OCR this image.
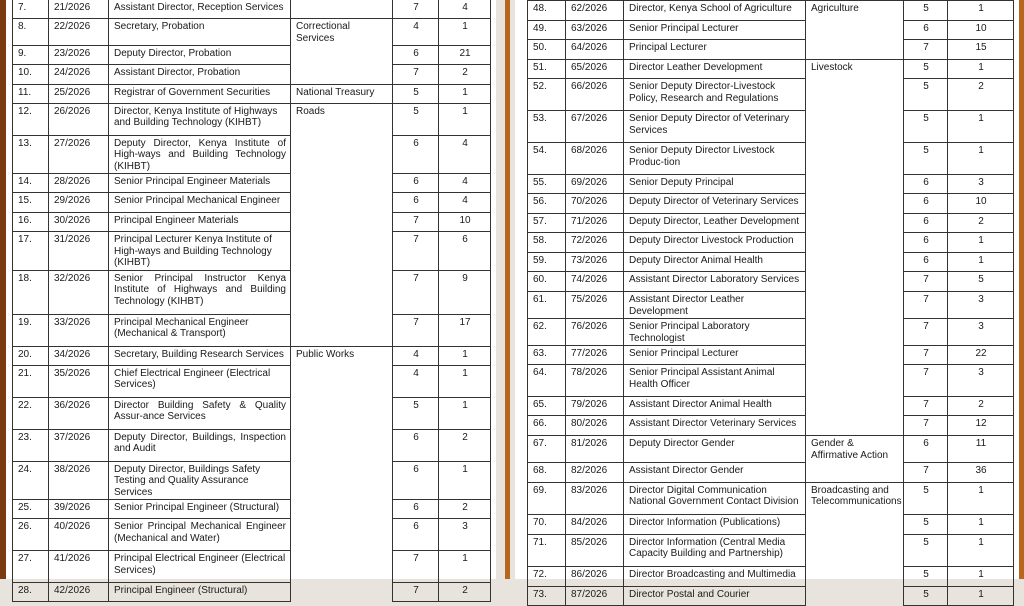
7.	21/2026	Assistant Director, Reception Services		7	4
8.	22/2026	Secretary, Probation	Correctional Services	4	1
9.	23/2026	Deputy Director, Probation		6	21
10.	24/2026	Assistant Director, Probation		7	2
11.	25/2026	Registrar of Government Securities	National Treasury	5	1
12.	26/2026	Director, Kenya Institute of Highways and Building Technology (KIHBT)	Roads	5	1
13.	27/2026	Deputy Director, Kenya Institute of High-ways and Building Technology (KIHBT)		6	4
14.	28/2026	Senior Principal Engineer Materials		6	4
15.	29/2026	Senior Principal Mechanical Engineer		6	4
16.	30/2026	Principal Engineer Materials		7	10
17.	31/2026	Principal Lecturer Kenya Institute of High-ways and Building Technology (KIHBT)		7	6
18.	32/2026	Senior Principal Instructor Kenya Institute of Highways and Building Technology (KIHBT)		7	9
19.	33/2026	Principal Mechanical Engineer (Mechanical & Transport)		7	17
20.	34/2026	Secretary, Building Research Services	Public Works	4	1
21.	35/2026	Chief Electrical Engineer (Electrical Services)		4	1
22.	36/2026	Director Building Safety & Quality Assur-ance Services		5	1
23.	37/2026	Deputy Director, Buildings, Inspection and Audit		6	2
24.	38/2026	Deputy Director, Buildings Safety Testing and Quality Assurance Services		6	1
25.	39/2026	Senior Principal Engineer (Structural)		6	2
26.	40/2026	Senior Principal Mechanical Engineer (Mechanical and Water)		6	3
27.	41/2026	Principal Electrical Engineer (Electrical Services)		7	1
28.	42/2026	Principal Engineer (Structural)		7	2
48.	62/2026	Director, Kenya School of Agriculture	Agriculture	5	1
49.	63/2026	Senior Principal Lecturer		6	10
50.	64/2026	Principal Lecturer		7	15
51.	65/2026	Director Leather Development	Livestock	5	1
52.	66/2026	Senior Deputy Director-Livestock Policy, Research and Regulations		5	2
53.	67/2026	Senior Deputy Director of Veterinary Services		5	1
54.	68/2026	Senior Deputy Director Livestock Produc-tion		5	1
55.	69/2026	Senior Deputy Principal		6	3
56.	70/2026	Deputy Director of Veterinary Services		6	10
57.	71/2026	Deputy Director, Leather Development		6	2
58.	72/2026	Deputy Director Livestock Production		6	1
59.	73/2026	Deputy Director Animal Health		6	1
60.	74/2026	Assistant Director Laboratory Services		7	5
61.	75/2026	Assistant Director Leather Development		7	3
62.	76/2026	Senior Principal Laboratory Technologist		7	3
63.	77/2026	Senior Principal Lecturer		7	22
64.	78/2026	Senior Principal Assistant Animal Health Officer		7	3
65.	79/2026	Assistant Director Animal Health		7	2
66.	80/2026	Assistant Director Veterinary Services		7	12
67.	81/2026	Deputy Director Gender	Gender & Affirmative Action	6	11
68.	82/2026	Assistant Director Gender		7	36
69.	83/2026	Director Digital Communication National Government Contact Division	Broadcasting and Telecommunications	5	1
70.	84/2026	Director Information (Publications)		5	1
71.	85/2026	Director Information (Central Media Capacity Building and Partnership)		5	1
72.	86/2026	Director Broadcasting and Multimedia		5	1
73.	87/2026	Director Postal and Courier		5	1
